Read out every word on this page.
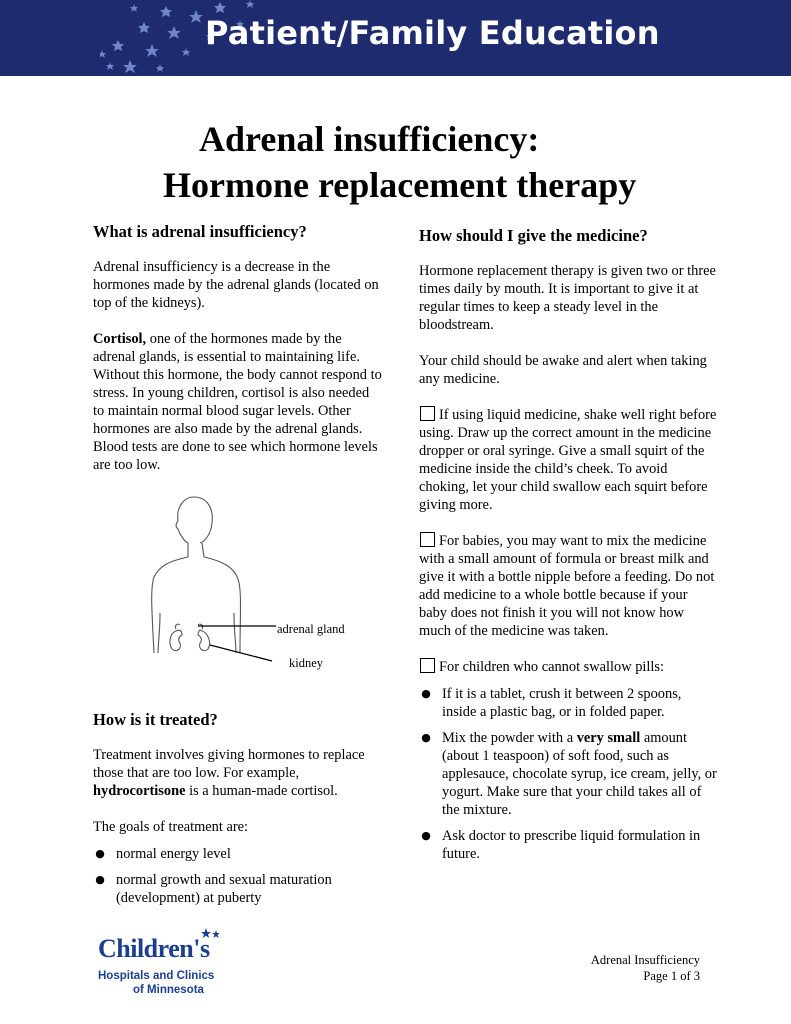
Patient/Family Education
Adrenal insufficiency:
Hormone replacement therapy
What is adrenal insufficiency?

Adrenal insufficiency is a decrease in the hormones made by the adrenal glands (located on top of the kidneys).

Cortisol, one of the hormones made by the adrenal glands, is essential to maintaining life. Without this hormone, the body cannot respond to stress. In young children, cortisol is also needed to maintain normal blood sugar levels. Other hormones are also made by the adrenal glands. Blood tests are done to see which hormone levels are too low.

How is it treated?

Treatment involves giving hormones to replace those that are too low. For example, hydrocortisone is a human-made cortisol.

The goals of treatment are:

● normal energy level
● normal growth and sexual maturation (development) at puberty
adrenal gland
kidney
How should I give the medicine?

Hormone replacement therapy is given two or three times daily by mouth. It is important to give it at regular times to keep a steady level in the bloodstream.

Your child should be awake and alert when taking any medicine.

If using liquid medicine, shake well right before using. Draw up the correct amount in the medicine dropper or oral syringe. Give a small squirt of the medicine inside the child’s cheek. To avoid choking, let your child swallow each squirt before giving more.

For babies, you may want to mix the medicine with a small amount of formula or breast milk and give it with a bottle nipple before a feeding. Do not add medicine to a whole bottle because if your baby does not finish it you will not know how much of the medicine was taken.

For children who cannot swallow pills:

● If it is a tablet, crush it between 2 spoons, inside a plastic bag, or in folded paper.
● Mix the powder with a very small amount (about 1 teaspoon) of soft food, such as applesauce, chocolate syrup, ice cream, jelly, or yogurt. Make sure that your child takes all of the mixture.
● Ask doctor to prescribe liquid formulation in future.
Children's
Hospitals and Clinics
of Minnesota
Adrenal Insufficiency
Page 1 of 3
